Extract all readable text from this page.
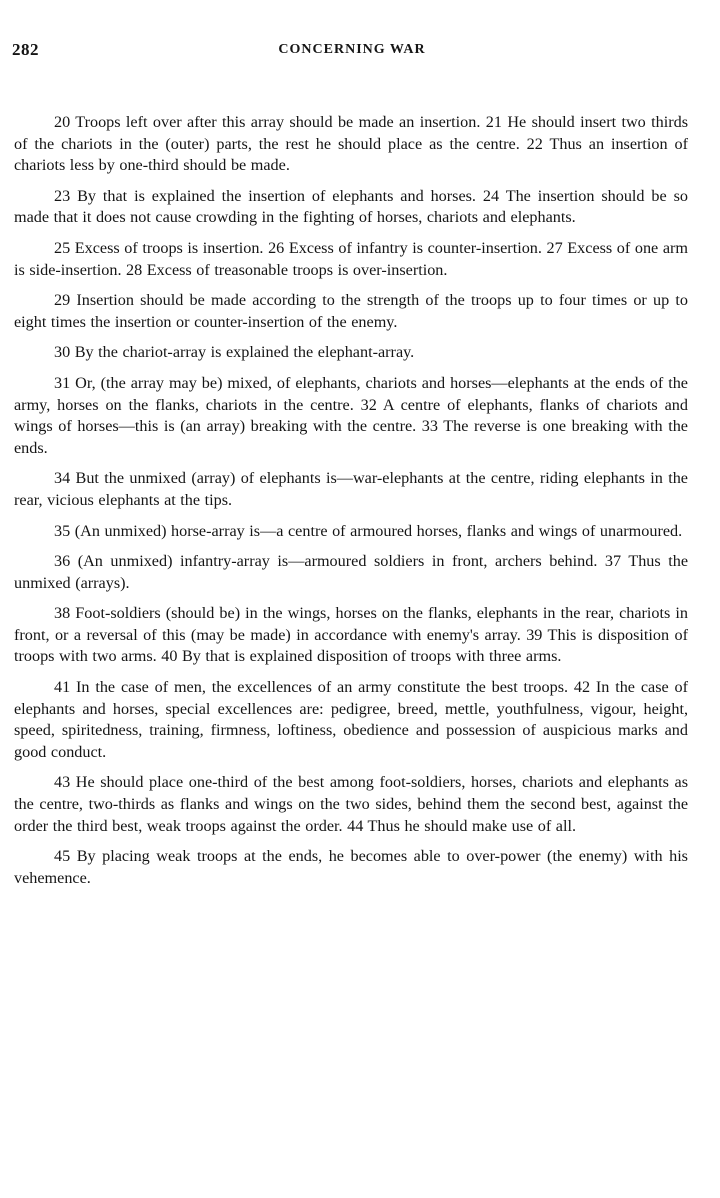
282	CONCERNING WAR

20 Troops left over after this array should be made an insertion. 21 He should insert two thirds of the chariots in the (outer) parts, the rest he should place as the centre. 22 Thus an insertion of chariots less by one-third should be made.

23 By that is explained the insertion of elephants and horses. 24 The insertion should be so made that it does not cause crowding in the fighting of horses, chariots and elephants.

25 Excess of troops is insertion. 26 Excess of infantry is counter-insertion. 27 Excess of one arm is side-insertion. 28 Excess of treasonable troops is over-insertion.

29 Insertion should be made according to the strength of the troops up to four times or up to eight times the insertion or counter-insertion of the enemy.

30 By the chariot-array is explained the elephant-array.

31 Or, (the array may be) mixed, of elephants, chariots and horses—elephants at the ends of the army, horses on the flanks, chariots in the centre. 32 A centre of elephants, flanks of chariots and wings of horses—this is (an array) breaking with the centre. 33 The reverse is one breaking with the ends.

34 But the unmixed (array) of elephants is—war-elephants at the centre, riding elephants in the rear, vicious elephants at the tips.

35 (An unmixed) horse-array is—a centre of armoured horses, flanks and wings of unarmoured.

36 (An unmixed) infantry-array is—armoured soldiers in front, archers behind. 37 Thus the unmixed (arrays).

38 Foot-soldiers (should be) in the wings, horses on the flanks, elephants in the rear, chariots in front, or a reversal of this (may be made) in accordance with enemy's array. 39 This is disposition of troops with two arms. 40 By that is explained disposition of troops with three arms.

41 In the case of men, the excellences of an army constitute the best troops. 42 In the case of elephants and horses, special excellences are: pedigree, breed, mettle, youthfulness, vigour, height, speed, spiritedness, training, firmness, loftiness, obedience and possession of auspicious marks and good conduct.

43 He should place one-third of the best among foot-soldiers, horses, chariots and elephants as the centre, two-thirds as flanks and wings on the two sides, behind them the second best, against the order the third best, weak troops against the order. 44 Thus he should make use of all.

45 By placing weak troops at the ends, he becomes able to over-power (the enemy) with his vehemence.
